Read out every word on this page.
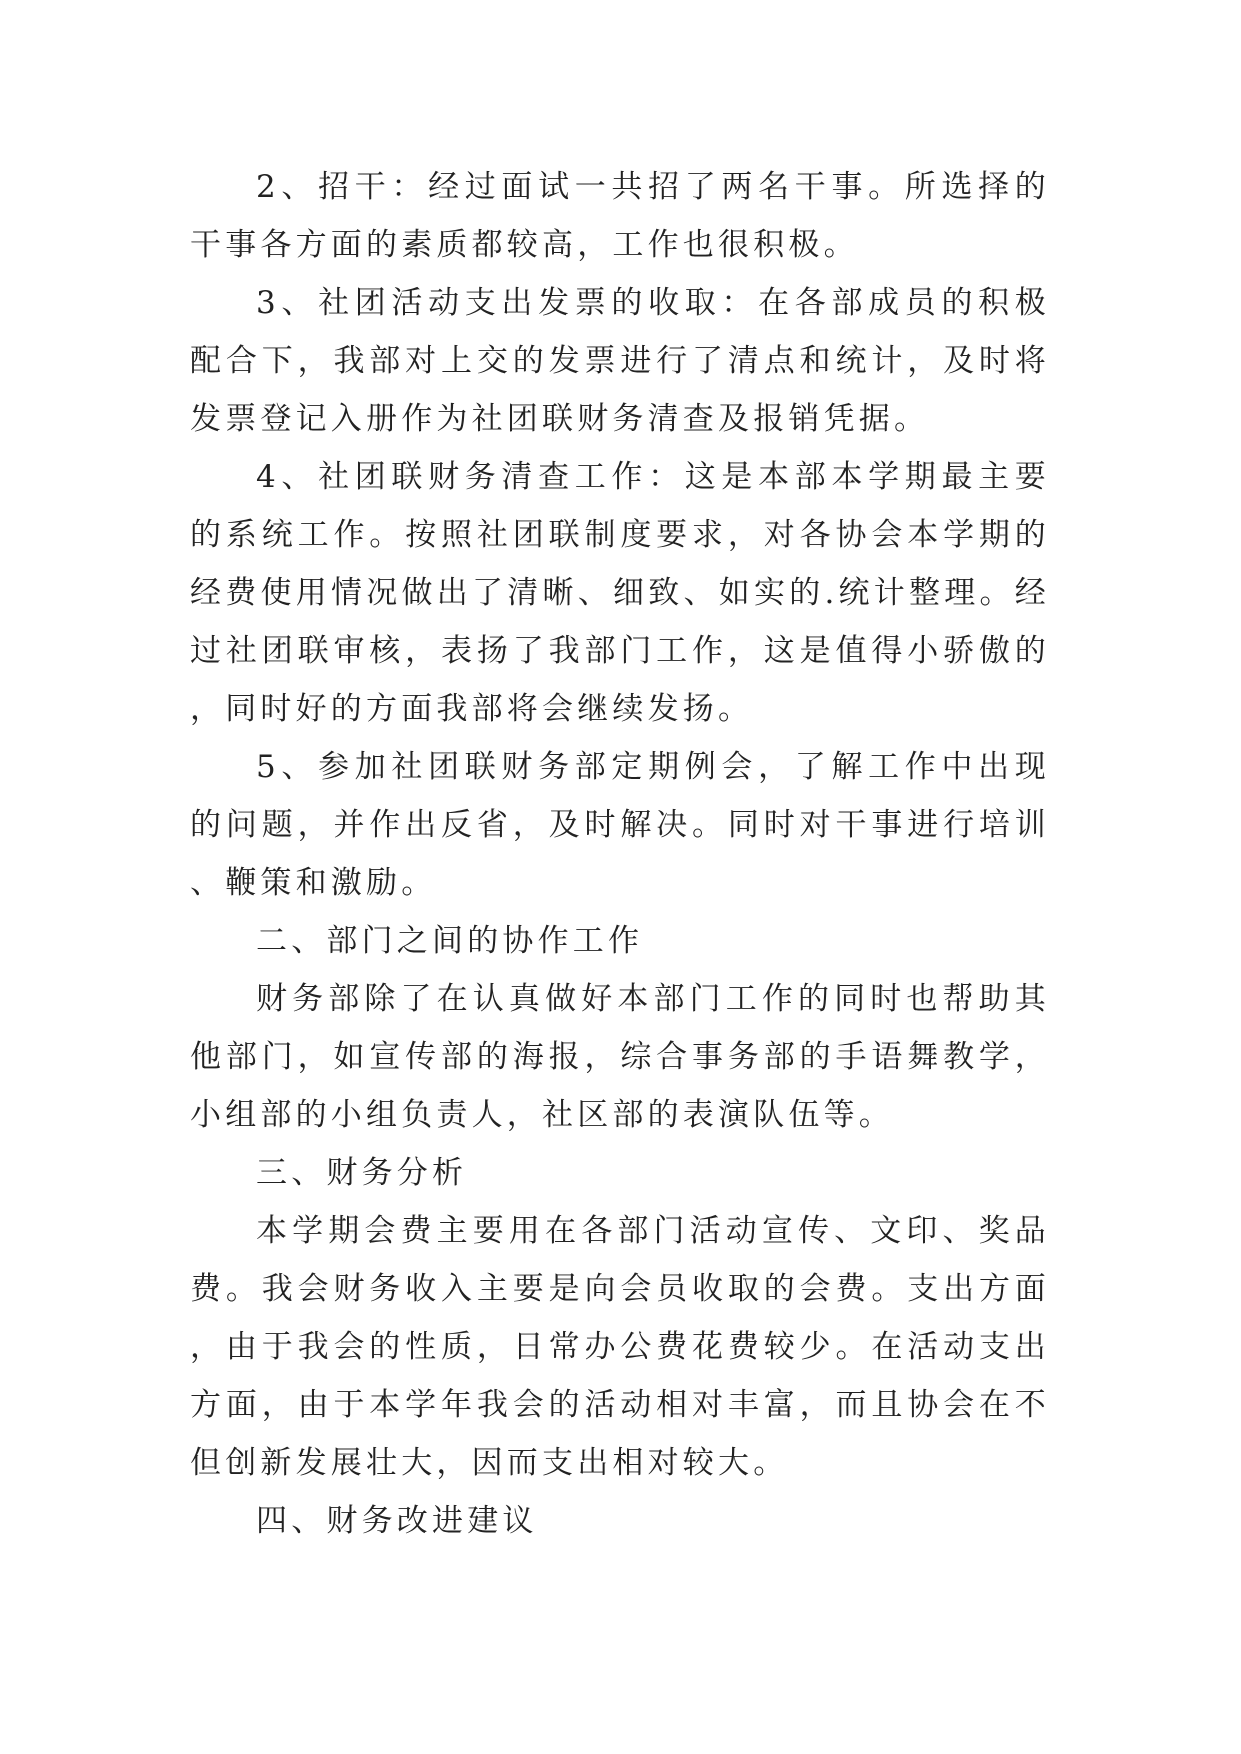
2、招干：经过面试一共招了两名干事。所选择的干事各方面的素质都较高，工作也很积极。

3、社团活动支出发票的收取：在各部成员的积极配合下，我部对上交的发票进行了清点和统计，及时将发票登记入册作为社团联财务清查及报销凭据。

4、社团联财务清查工作：这是本部本学期最主要的系统工作。按照社团联制度要求，对各协会本学期的经费使用情况做出了清晰、细致、如实的.统计整理。经过社团联审核，表扬了我部门工作，这是值得小骄傲的，同时好的方面我部将会继续发扬。

5、参加社团联财务部定期例会，了解工作中出现的问题，并作出反省，及时解决。同时对干事进行培训、鞭策和激励。

二、部门之间的协作工作

财务部除了在认真做好本部门工作的同时也帮助其他部门，如宣传部的海报，综合事务部的手语舞教学，小组部的小组负责人，社区部的表演队伍等。

三、财务分析

本学期会费主要用在各部门活动宣传、文印、奖品费。我会财务收入主要是向会员收取的会费。支出方面，由于我会的性质，日常办公费花费较少。在活动支出方面，由于本学年我会的活动相对丰富，而且协会在不但创新发展壮大，因而支出相对较大。

四、财务改进建议
